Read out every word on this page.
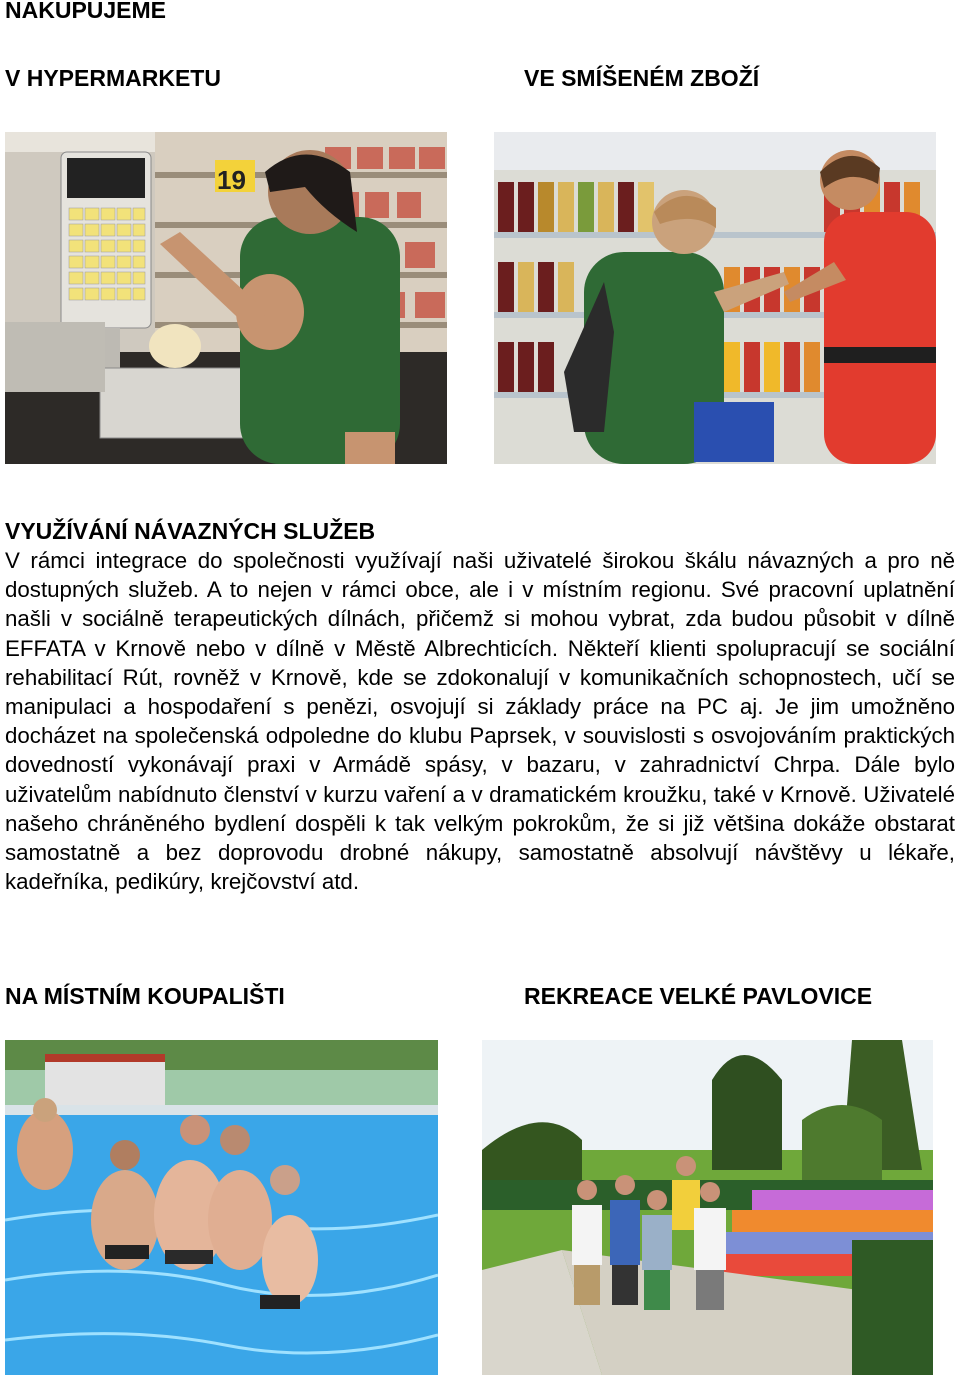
NAKUPUJEME
V HYPERMARKETU	VE SMÍŠENÉM ZBOŽÍ
19
VYUŽÍVÁNÍ NÁVAZNÝCH SLUŽEB

V rámci integrace do společnosti využívají naši uživatelé širokou škálu návazných a pro ně dostupných služeb. A to nejen v rámci obce, ale i v místním regionu. Své pracovní uplatnění našli v sociálně terapeutických dílnách, přičemž si mohou vybrat, zda budou působit v dílně EFFATA v Krnově nebo v dílně v Městě Albrechticích. Někteří klienti spolupracují se sociální rehabilitací Rút, rovněž v Krnově, kde se zdokonalují v komunikačních schopnostech, učí se manipulaci a hospodaření s penězi, osvojují si základy práce na PC aj. Je jim umožněno docházet na společenská odpoledne do klubu Paprsek, v souvislosti s osvojováním praktických dovedností vykonávají praxi v Armádě spásy, v bazaru, v zahradnictví Chrpa. Dále bylo uživatelům nabídnuto členství v kurzu vaření a v dramatickém kroužku, také v Krnově. Uživatelé našeho chráněného bydlení dospěli k tak velkým pokrokům, že si již většina dokáže obstarat samostatně a bez doprovodu drobné nákupy, samostatně absolvují návštěvy u lékaře, kadeřníka, pedikúry, krejčovství atd.

NA MÍSTNÍM KOUPALIŠTI	REKREACE VELKÉ PAVLOVICE
